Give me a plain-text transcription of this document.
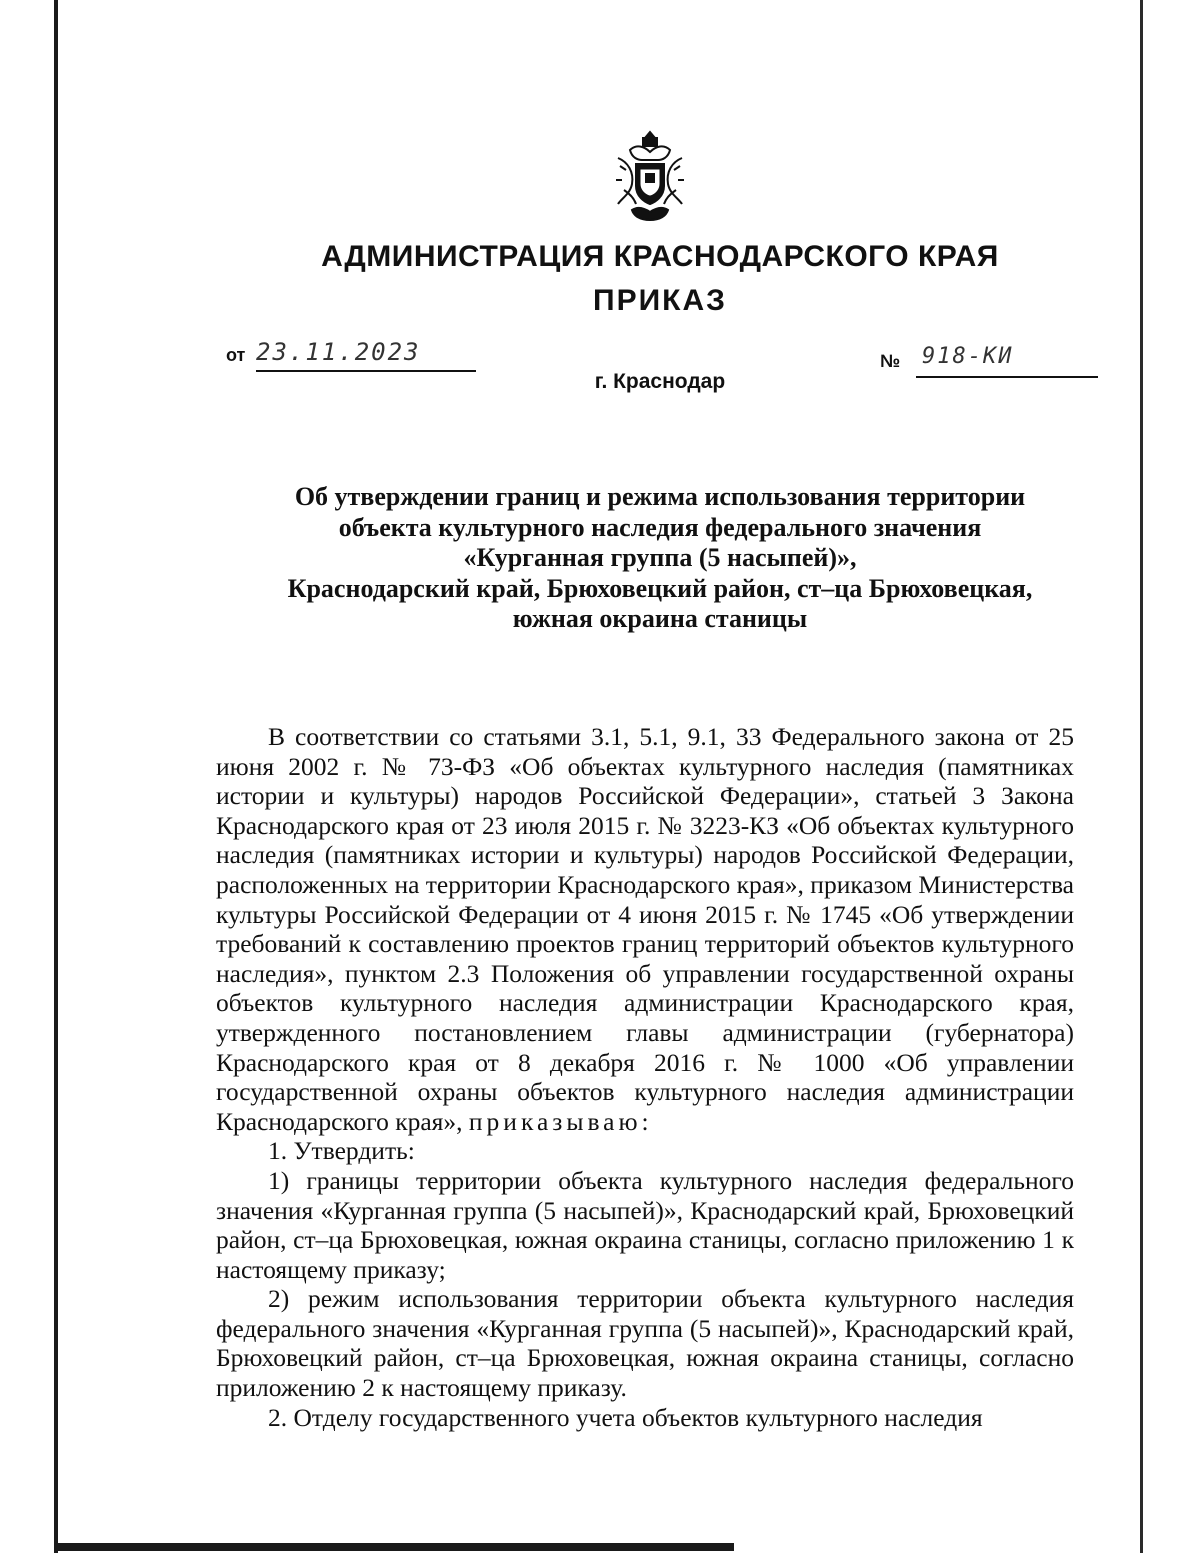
АДМИНИСТРАЦИЯ КРАСНОДАРСКОГО КРАЯ
ПРИКАЗ
от 23.11.2023	№ 918-КИ
г. Краснодар
Об утверждении границ и режима использования территории
объекта культурного наследия федерального значения
«Курганная группа (5 насыпей)»,
Краснодарский край, Брюховецкий район, ст–ца Брюховецкая,
южная окраина станицы

В соответствии со статьями 3.1, 5.1, 9.1, 33 Федерального закона от 25 июня 2002 г. № 73-ФЗ «Об объектах культурного наследия (памятниках истории и культуры) народов Российской Федерации», статьей 3 Закона Краснодарского края от 23 июля 2015 г. № 3223-КЗ «Об объектах культурного наследия (памятниках истории и культуры) народов Российской Федерации, расположенных на территории Краснодарского края», приказом Министерства культуры Российской Федерации от 4 июня 2015 г. № 1745 «Об утверждении требований к составлению проектов границ территорий объектов культурного наследия», пунктом 2.3 Положения об управлении государственной охраны объектов культурного наследия администрации Краснодарского края, утвержденного постановлением главы администрации (губернатора) Краснодарского края от 8 декабря 2016 г. № 1000 «Об управлении государственной охраны объектов культурного наследия администрации Краснодарского края», приказываю:

1. Утвердить:

1) границы территории объекта культурного наследия федерального значения «Курганная группа (5 насыпей)», Краснодарский край, Брюховецкий район, ст–ца Брюховецкая, южная окраина станицы, согласно приложению 1 к настоящему приказу;

2) режим использования территории объекта культурного наследия федерального значения «Курганная группа (5 насыпей)», Краснодарский край, Брюховецкий район, ст–ца Брюховецкая, южная окраина станицы, согласно приложению 2 к настоящему приказу.

2. Отделу государственного учета объектов культурного наследия
